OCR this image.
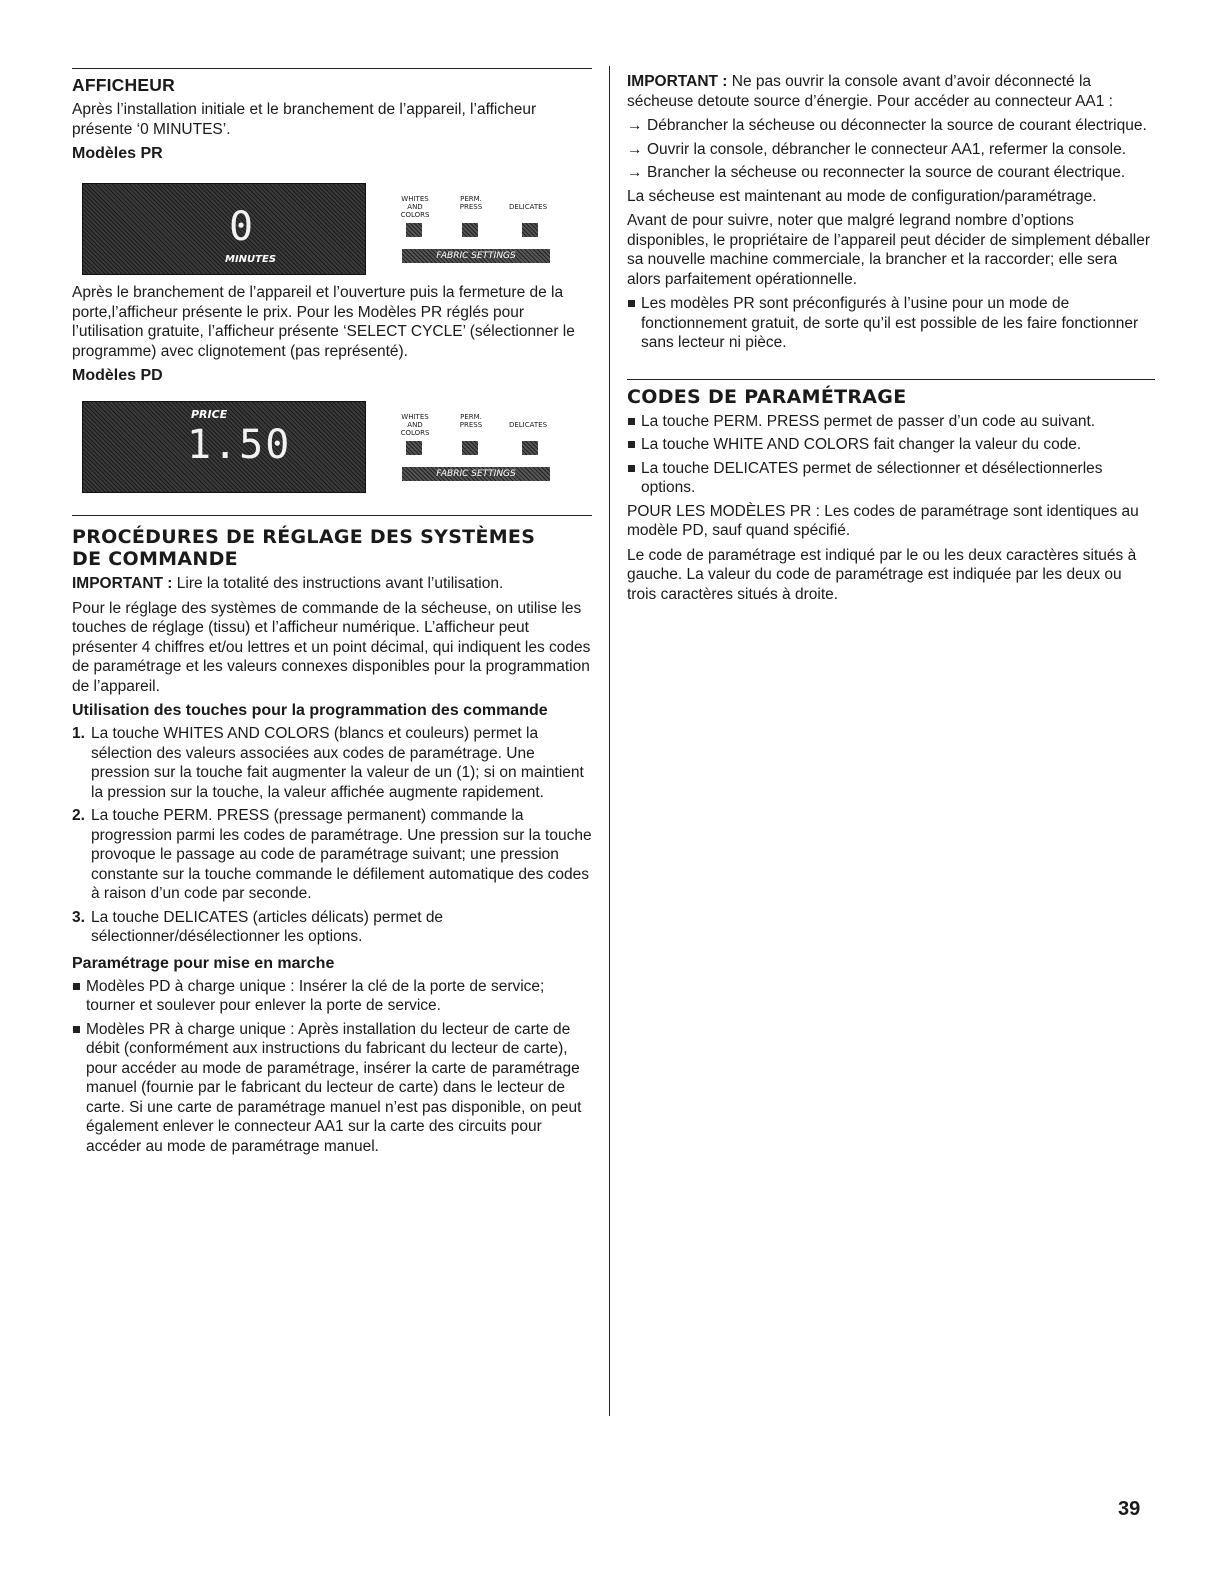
AFFICHEUR

Après l’installation initiale et le branchement de l’appareil, l’afficheur présente ‘0 MINUTES’.

Modèles PR
0
MINUTES
WHITES
AND COLORS
PERM.
PRESS	DELICATES
FABRIC SETTINGS

Après le branchement de l’appareil et l’ouverture puis la fermeture de la porte,l’afficheur présente le prix. Pour les Modèles PR réglés pour l’utilisation gratuite, l’afficheur présente ‘SELECT CYCLE’ (sélectionner le programme) avec clignotement (pas représenté).

Modèles PD
PRICE
1.50
WHITES
AND COLORS
PERM.
PRESS	DELICATES
FABRIC SETTINGS
PROCÉDURES DE RÉGLAGE DES SYSTÈMES
DE COMMANDE

IMPORTANT : Lire la totalité des instructions avant l’utilisation.

Pour le réglage des systèmes de commande de la sécheuse, on utilise les touches de réglage (tissu) et l’afficheur numérique. L’afficheur peut présenter 4 chiffres et/ou lettres et un point décimal, qui indiquent les codes de paramétrage et les valeurs connexes disponibles pour la programmation de l’appareil.

Utilisation des touches pour la programmation des commande
1. La touche WHITES AND COLORS (blancs et couleurs) permet la sélection des valeurs associées aux codes de paramétrage. Une pression sur la touche fait augmenter la valeur de un (1); si on maintient la pression sur la touche, la valeur affichée augmente rapidement.
2. La touche PERM. PRESS (pressage permanent) commande la progression parmi les codes de paramétrage. Une pression sur la touche provoque le passage au code de paramétrage suivant; une pression constante sur la touche commande le défilement automatique des codes à raison d’un code par seconde.
3. La touche DELICATES (articles délicats) permet de sélectionner/désélectionner les options.
Paramétrage pour mise en marche
Modèles PD à charge unique : Insérer la clé de la porte de service; tourner et soulever pour enlever la porte de service.
Modèles PR à charge unique : Après installation du lecteur de carte de débit (conformément aux instructions du fabricant du lecteur de carte), pour accéder au mode de paramétrage, insérer la carte de paramétrage manuel (fournie par le fabricant du lecteur de carte) dans le lecteur de carte. Si une carte de paramétrage manuel n’est pas disponible, on peut également enlever le connecteur AA1 sur la carte des circuits pour accéder au mode de paramétrage manuel.

IMPORTANT : Ne pas ouvrir la console avant d’avoir déconnecté la sécheuse detoute source d’énergie. Pour accéder au connecteur AA1 :

→ Débrancher la sécheuse ou déconnecter la source de courant électrique.
→ Ouvrir la console, débrancher le connecteur AA1, refermer la console.
→ Brancher la sécheuse ou reconnecter la source de courant électrique.

La sécheuse est maintenant au mode de configuration/paramétrage.

Avant de pour suivre, noter que malgré legrand nombre d’options disponibles, le propriétaire de l’appareil peut décider de simplement déballer sa nouvelle machine commerciale, la brancher et la raccorder; elle sera alors parfaitement opérationnelle.

Les modèles PR sont préconfigurés à l’usine pour un mode de fonctionnement gratuit, de sorte qu’il est possible de les faire fonctionner sans lecteur ni pièce.
CODES DE PARAMÉTRAGE
La touche PERM. PRESS permet de passer d’un code au suivant.
La touche WHITE AND COLORS fait changer la valeur du code.
La touche DELICATES permet de sélectionner et désélectionnerles options.

POUR LES MODÈLES PR : Les codes de paramétrage sont identiques au modèle PD, sauf quand spécifié.

Le code de paramétrage est indiqué par le ou les deux caractères situés à gauche. La valeur du code de paramétrage est indiquée par les deux ou trois caractères situés à droite.

39
